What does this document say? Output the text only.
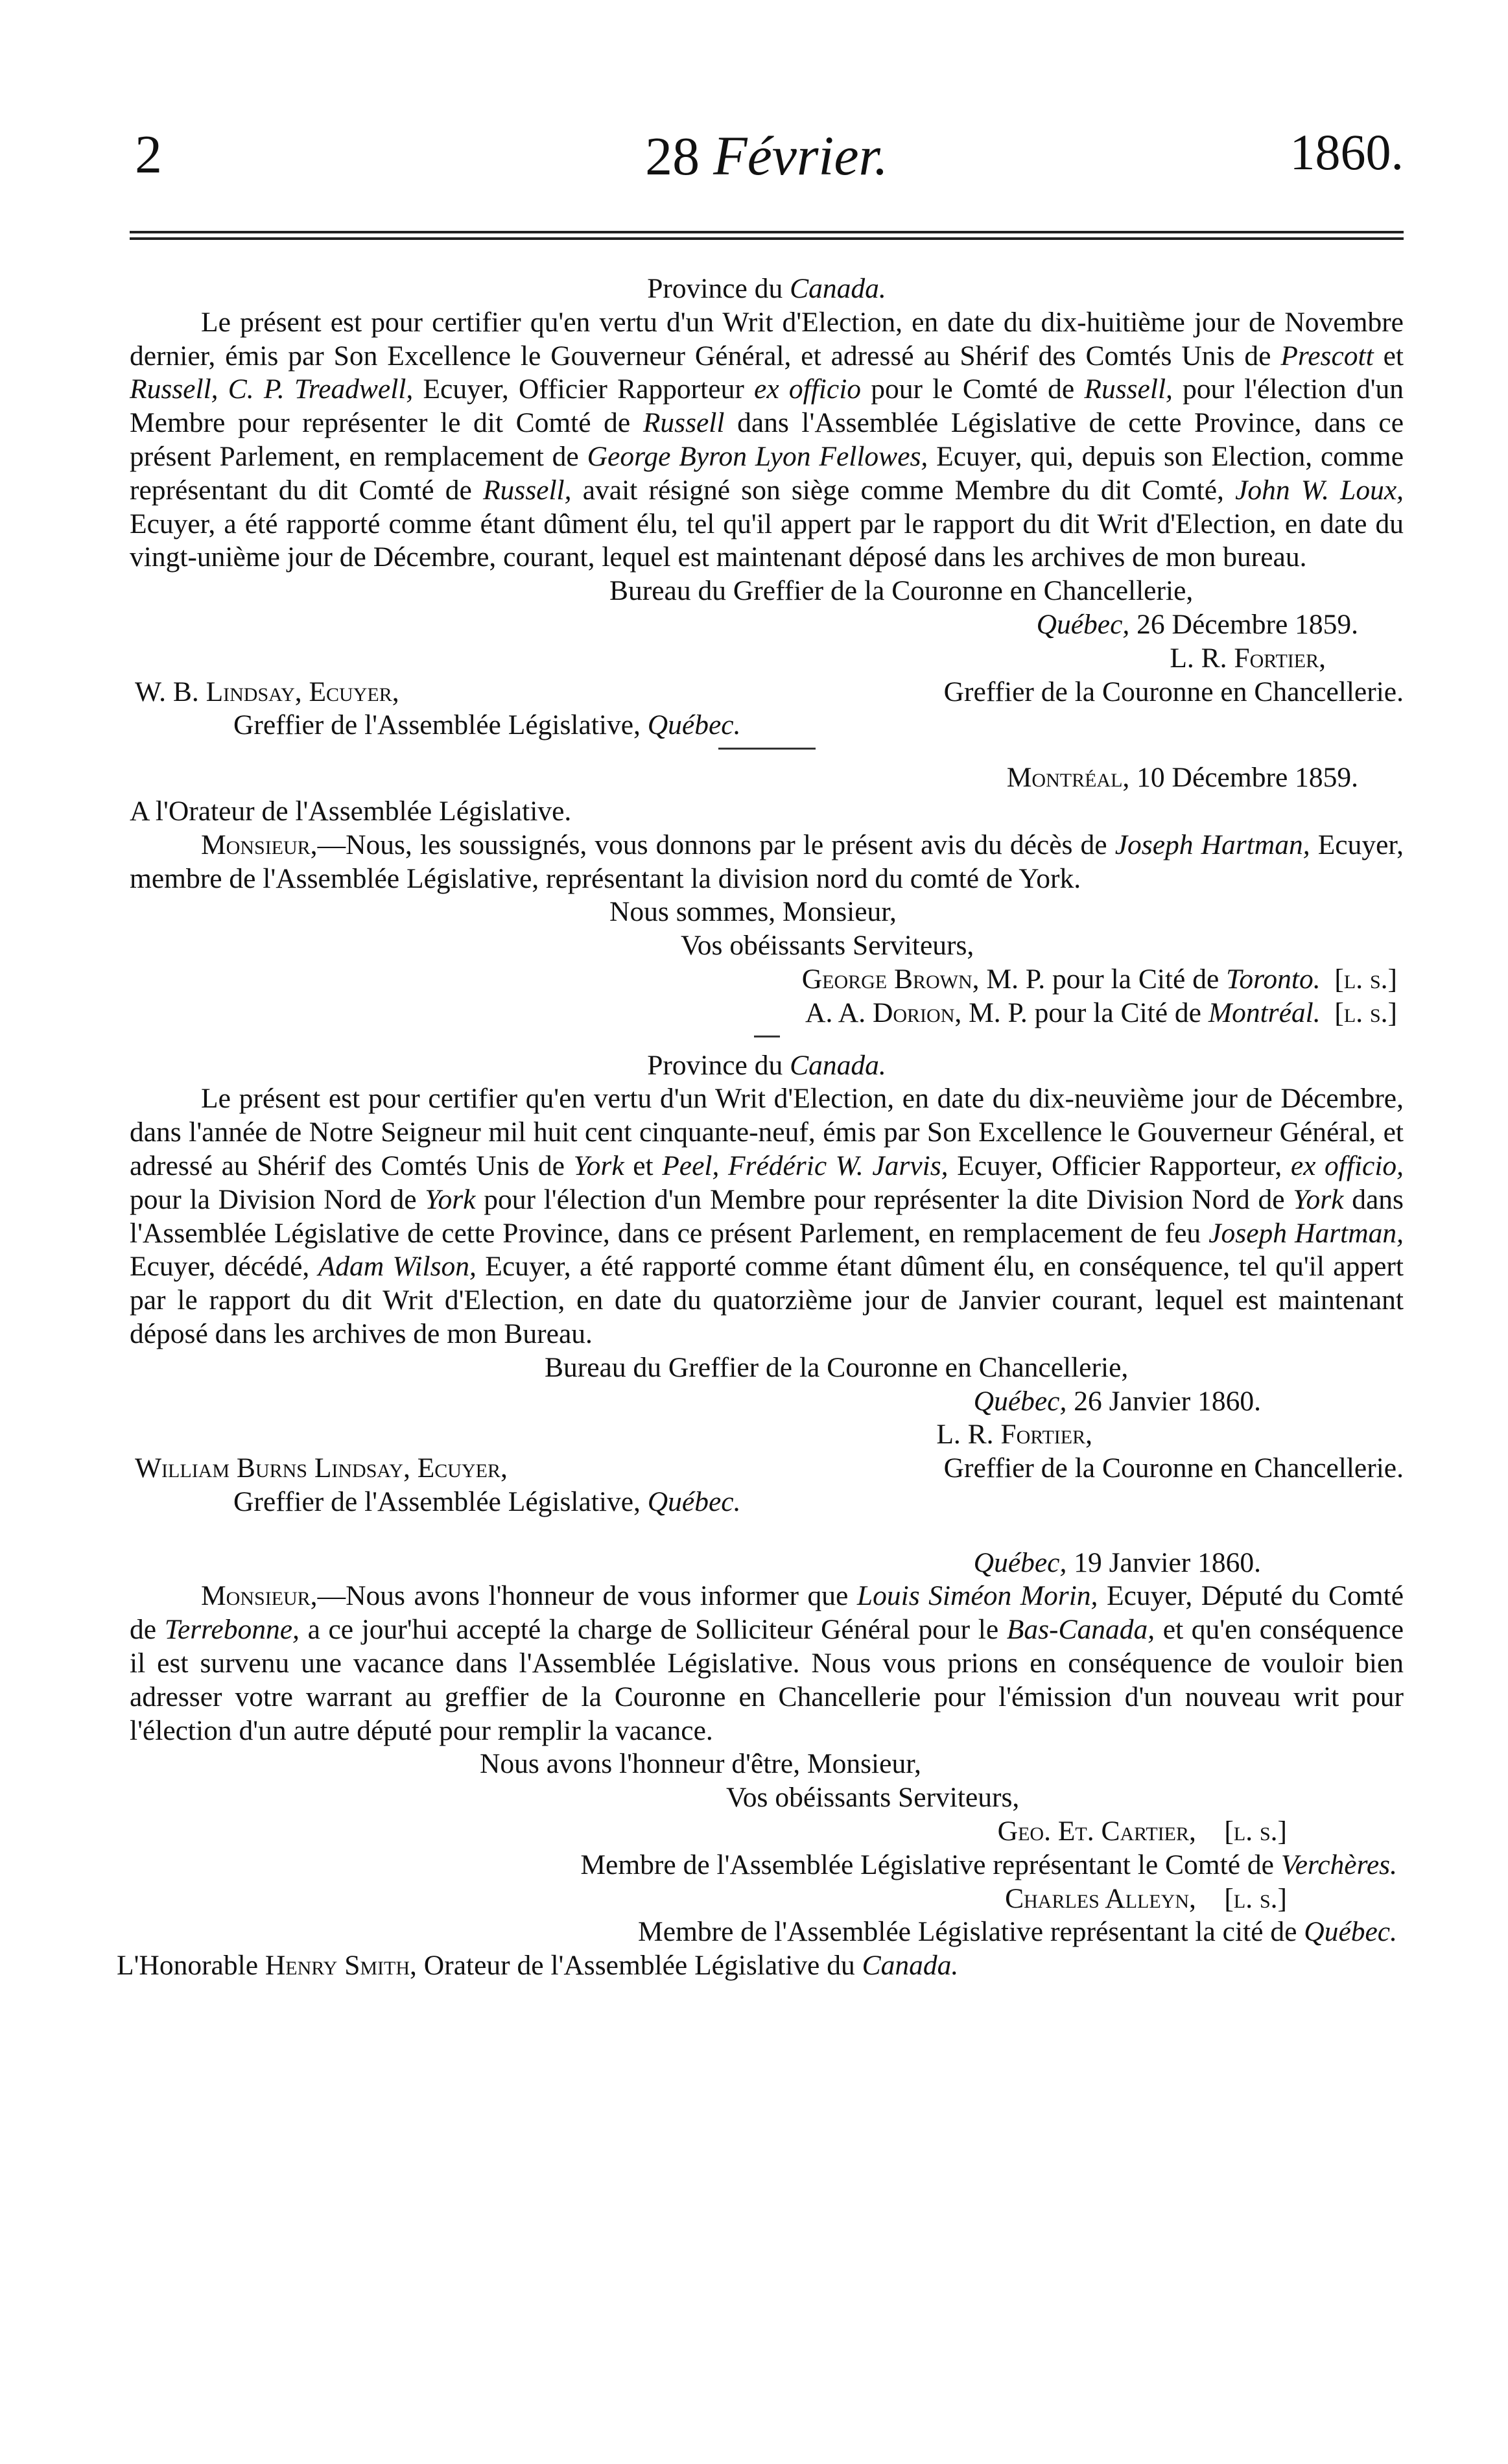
2	28 Février.	1860.

Province du Canada.

Le présent est pour certifier qu'en vertu d'un Writ d'Election, en date du dix-huitième jour de Novembre dernier, émis par Son Excellence le Gouverneur Général, et adressé au Shérif des Comtés Unis de Prescott et Russell, C. P. Treadwell, Ecuyer, Officier Rapporteur ex officio pour le Comté de Russell, pour l'élection d'un Membre pour représenter le dit Comté de Russell dans l'Assemblée Législative de cette Province, dans ce présent Parlement, en remplacement de George Byron Lyon Fellowes, Ecuyer, qui, depuis son Election, comme représentant du dit Comté de Russell, avait résigné son siège comme Membre du dit Comté, John W. Loux, Ecuyer, a été rapporté comme étant dûment élu, tel qu'il appert par le rapport du dit Writ d'Election, en date du vingt-unième jour de Décembre, courant, lequel est maintenant déposé dans les archives de mon bureau.

Bureau du Greffier de la Couronne en Chancellerie,

Québec, 26 Décembre 1859.

L. R. Fortier,

W. B. Lindsay, Ecuyer,	Greffier de la Couronne en Chancellerie.

Greffier de l'Assemblée Législative, Québec.

Montréal, 10 Décembre 1859.

A l'Orateur de l'Assemblée Législative.

Monsieur,—Nous, les soussignés, vous donnons par le présent avis du décès de Joseph Hartman, Ecuyer, membre de l'Assemblée Législative, représentant la division nord du comté de York.

Nous sommes, Monsieur,

Vos obéissants Serviteurs,

George Brown, M. P. pour la Cité de Toronto. [l. s.]

A. A. Dorion, M. P. pour la Cité de Montréal. [l. s.]

Province du Canada.

Le présent est pour certifier qu'en vertu d'un Writ d'Election, en date du dix-neuvième jour de Décembre, dans l'année de Notre Seigneur mil huit cent cinquante-neuf, émis par Son Excellence le Gouverneur Général, et adressé au Shérif des Comtés Unis de York et Peel, Frédéric W. Jarvis, Ecuyer, Officier Rapporteur, ex officio, pour la Division Nord de York pour l'élection d'un Membre pour représenter la dite Division Nord de York dans l'Assemblée Législative de cette Province, dans ce présent Parlement, en remplacement de feu Joseph Hartman, Ecuyer, décédé, Adam Wilson, Ecuyer, a été rapporté comme étant dûment élu, en conséquence, tel qu'il appert par le rapport du dit Writ d'Election, en date du quatorzième jour de Janvier courant, lequel est maintenant déposé dans les archives de mon Bureau.

Bureau du Greffier de la Couronne en Chancellerie,

Québec, 26 Janvier 1860.

L. R. Fortier,

William Burns Lindsay, Ecuyer,	Greffier de la Couronne en Chancellerie.

Greffier de l'Assemblée Législative, Québec.

Québec, 19 Janvier 1860.

Monsieur,—Nous avons l'honneur de vous informer que Louis Siméon Morin, Ecuyer, Député du Comté de Terrebonne, a ce jour'hui accepté la charge de Solliciteur Général pour le Bas-Canada, et qu'en conséquence il est survenu une vacance dans l'Assemblée Législative. Nous vous prions en conséquence de vouloir bien adresser votre warrant au greffier de la Couronne en Chancellerie pour l'émission d'un nouveau writ pour l'élection d'un autre député pour remplir la vacance.

Nous avons l'honneur d'être, Monsieur,

Vos obéissants Serviteurs,

Geo. Et. Cartier, [l. s.]

Membre de l'Assemblée Législative représentant le Comté de Verchères.

Charles Alleyn, [l. s.]

Membre de l'Assemblée Législative représentant la cité de Québec.

L'Honorable Henry Smith, Orateur de l'Assemblée Législative du Canada.
